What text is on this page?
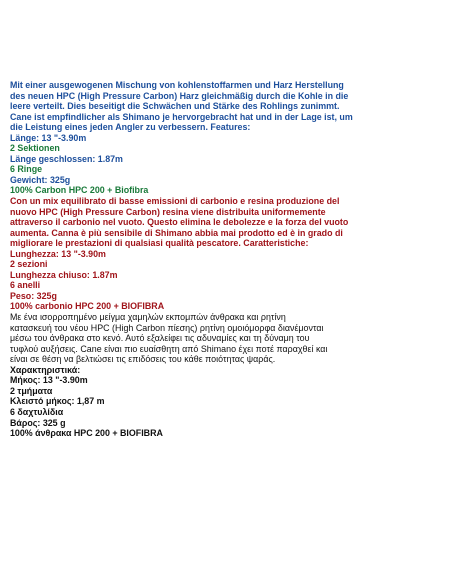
Mit einer ausgewogenen Mischung von kohlenstoffarmen und Harz Herstellung
des neuen HPC (High Pressure Carbon) Harz gleichmäßig durch die Kohle in die
leere verteilt. Dies beseitigt die Schwächen und Stärke des Rohlings zunimmt.
Cane ist empfindlicher als Shimano je hervorgebracht hat und in der Lage ist, um
die Leistung eines jeden Angler zu verbessern. Features:
Länge: 13 "-3.90m
2 Sektionen
Länge geschlossen: 1.87m
6 Ringe
Gewicht: 325g
100% Carbon HPC 200 + Biofibra
Con un mix equilibrato di basse emissioni di carbonio e resina produzione del
nuovo HPC (High Pressure Carbon) resina viene distribuita uniformemente
attraverso il carbonio nel vuoto. Questo elimina le debolezze e la forza del vuoto
aumenta. Canna è più sensibile di Shimano abbia mai prodotto ed è in grado di
migliorare le prestazioni di qualsiasi qualità pescatore. Caratteristiche:
Lunghezza: 13 "-3.90m
2 sezioni
Lunghezza chiuso: 1.87m
6 anelli
Peso: 325g
100% carbonio HPC 200 + BIOFIBRA
Με ένα ισορροπημένο μείγμα χαμηλών εκπομπών άνθρακα και ρητίνη
κατασκευή του νέου HPC (High Carbon πίεσης) ρητίνη ομοιόμορφα διανέμονται
μέσω του άνθρακα στο κενό. Αυτό εξαλείφει τις αδυναμίες και τη δύναμη του
τυφλού αυξήσεις. Cane είναι πιο ευαίσθητη από Shimano έχει ποτέ παραχθεί και
είναι σε θέση να βελτιώσει τις επιδόσεις του κάθε ποιότητας ψαράς.
Χαρακτηριστικά:
Μήκος: 13 "-3.90m
2 τμήματα
Κλειστό μήκος: 1,87 m
6 δαχτυλίδια
Βάρος: 325 g
100% άνθρακα HPC 200 + BIOFIBRA
